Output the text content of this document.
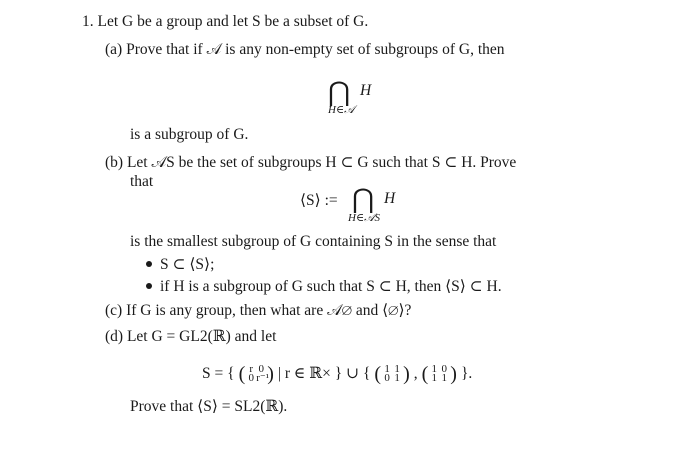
1. Let G be a group and let S be a subset of G.
(a) Prove that if 𝒜 is any non-empty set of subgroups of G, then
⋂ H
H∈𝒜
is a subgroup of G.
(b) Let 𝒜S be the set of subgroups H ⊂ G such that S ⊂ H. Prove
that
⟨S⟩ := ⋂ H
H∈𝒜S
is the smallest subgroup of G containing S in the sense that
S ⊂ ⟨S⟩;
if H is a subgroup of G such that S ⊂ H, then ⟨S⟩ ⊂ H.
(c) If G is any group, then what are 𝒜∅ and ⟨∅⟩?
(d) Let G = GL2(ℝ) and let
S = { ( r 0
0 r⁻¹
) | r ∈ ℝ× } ∪ { ( 1 1
0 1 ) , ( 1 0
1 1 ) }.
Prove that ⟨S⟩ = SL2(ℝ).
